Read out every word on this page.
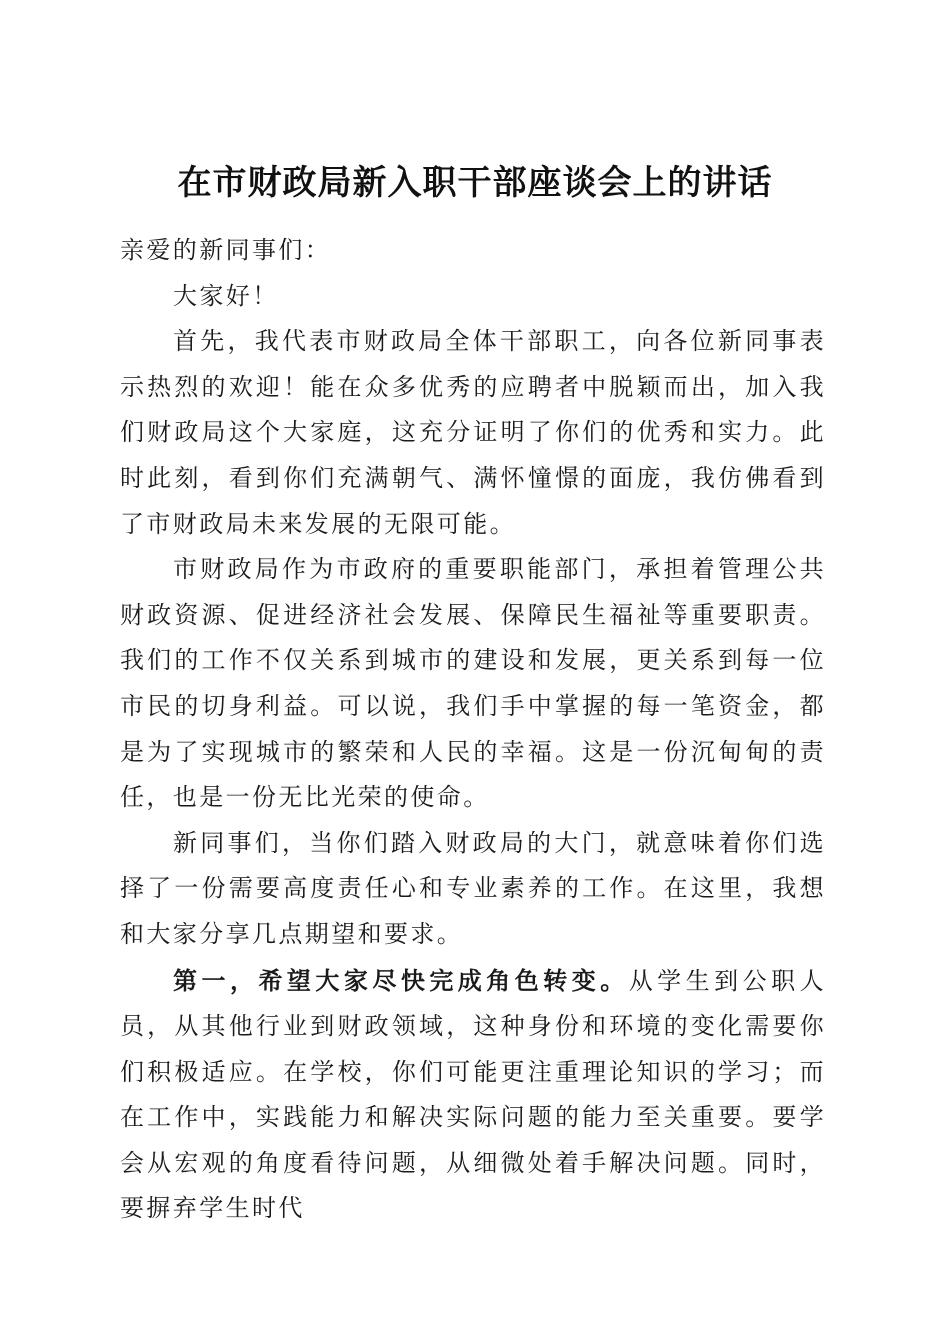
在市财政局新入职干部座谈会上的讲话

亲爱的新同事们：

大家好！

首先，我代表市财政局全体干部职工，向各位新同事表示热烈的欢迎！能在众多优秀的应聘者中脱颖而出，加入我们财政局这个大家庭，这充分证明了你们的优秀和实力。此时此刻，看到你们充满朝气、满怀憧憬的面庞，我仿佛看到了市财政局未来发展的无限可能。

市财政局作为市政府的重要职能部门，承担着管理公共财政资源、促进经济社会发展、保障民生福祉等重要职责。我们的工作不仅关系到城市的建设和发展，更关系到每一位市民的切身利益。可以说，我们手中掌握的每一笔资金，都是为了实现城市的繁荣和人民的幸福。这是一份沉甸甸的责任，也是一份无比光荣的使命。

新同事们，当你们踏入财政局的大门，就意味着你们选择了一份需要高度责任心和专业素养的工作。在这里，我想和大家分享几点期望和要求。

第一，希望大家尽快完成角色转变。从学生到公职人员，从其他行业到财政领域，这种身份和环境的变化需要你们积极适应。在学校，你们可能更注重理论知识的学习；而在工作中，实践能力和解决实际问题的能力至关重要。要学会从宏观的角度看待问题，从细微处着手解决问题。同时，要摒弃学生时代
